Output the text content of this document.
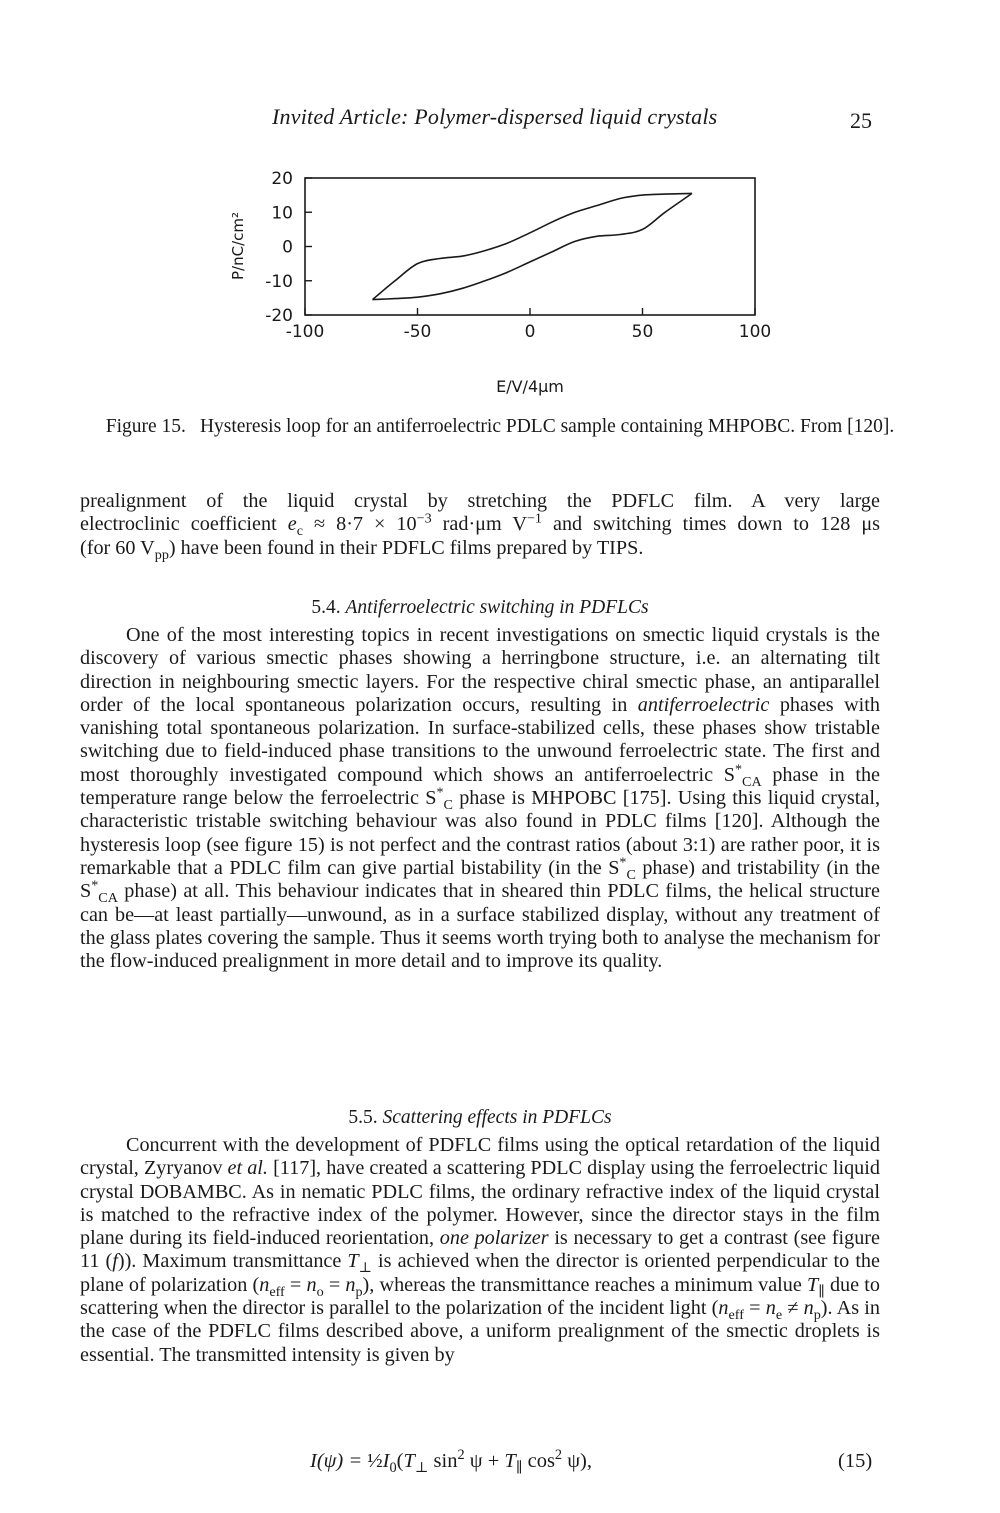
Invited Article: Polymer-dispersed liquid crystals	25
20
10
0
-10
-20
-100	-50	0	50	100
P/nC/cm²
E/V/4μm
Figure 15. Hysteresis loop for an antiferroelectric PDLC sample containing MHPOBC. From [120].

prealignment of the liquid crystal by stretching the PDFLC film. A very large

electroclinic coefficient $e_c \approx 8\cdot 7 \times 10^{-3}$ rad·μm $V^{-1}$ and switching times down to 128 μs

(for 60 $V_{pp}$) have been found in their PDFLC films prepared by TIPS.

5.4. Antiferroelectric switching in PDFLCs

One of the most interesting topics in recent investigations on smectic liquid crystals is the discovery of various smectic phases showing a herringbone structure, i.e. an alternating tilt direction in neighbouring smectic layers. For the respective chiral smectic phase, an antiparallel order of the local spontaneous polarization occurs, resulting in antiferroelectric phases with vanishing total spontaneous polarization. In surface-stabilized cells, these phases show tristable switching due to field-induced phase transitions to the unwound ferroelectric state. The first and most thoroughly investigated compound which shows an antiferroelectric $S^*_{CA}$ phase in the temperature range below the ferroelectric $S^*_C$ phase is MHPOBC [175]. Using this liquid crystal, characteristic tristable switching behaviour was also found in PDLC films [120]. Although the hysteresis loop (see figure 15) is not perfect and the contrast ratios (about 3:1) are rather poor, it is remarkable that a PDLC film can give partial bistability (in the $S^*_C$ phase) and tristability (in the $S^*_{CA}$ phase) at all. This behaviour indicates that in sheared thin PDLC films, the helical structure can be—at least partially—unwound, as in a surface stabilized display, without any treatment of the glass plates covering the sample. Thus it seems worth trying both to analyse the mechanism for the flow-induced prealignment in more detail and to improve its quality.

5.5. Scattering effects in PDFLCs

Concurrent with the development of PDFLC films using the optical retardation of the liquid crystal, Zyryanov et al. [117], have created a scattering PDLC display using the ferroelectric liquid crystal DOBAMBC. As in nematic PDLC films, the ordinary refractive index of the liquid crystal is matched to the refractive index of the polymer. However, since the director stays in the film plane during its field-induced reorientation, one polarizer is necessary to get a contrast (see figure 11 (f)). Maximum transmittance $T_\perp$ is achieved when the director is oriented perpendicular to the plane of polarization $(n_{eff} = n_o = n_p)$, whereas the transmittance reaches a minimum value $T_\parallel$ due to scattering when the director is parallel to the polarization of the incident light $(n_{eff} = n_e \ne n_p)$. As in the case of the PDFLC films described above, a uniform prealignment of the smectic droplets is essential. The transmitted intensity is given by

$I(\psi) = \frac{1}{2}I_0(T_\perp$ $\sin^2 \psi + T_\parallel$ $\cos^2 \psi$),	(15)
